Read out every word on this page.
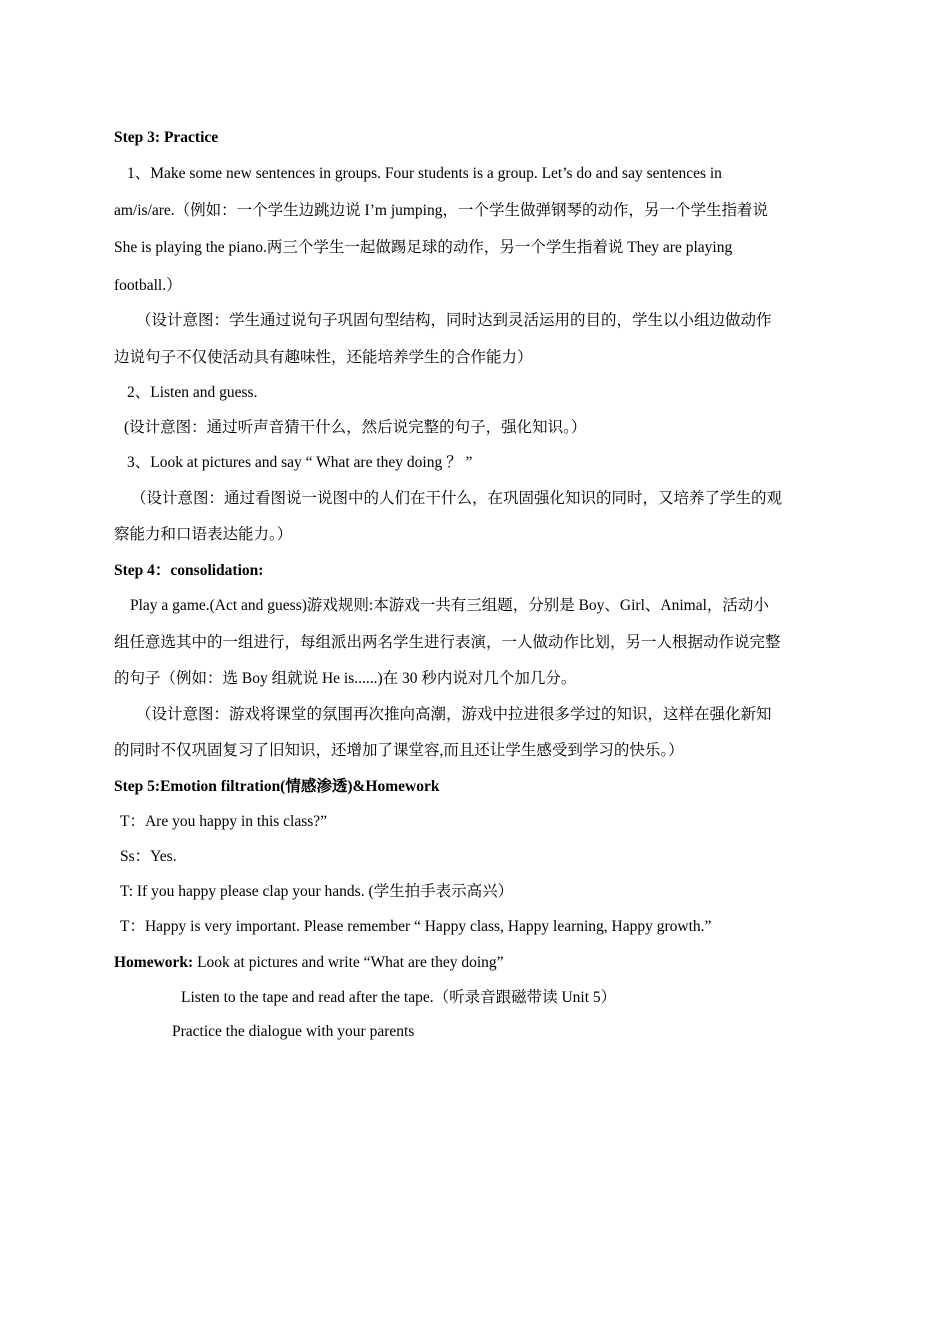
Step 3: Practice
1、Make some new sentences in groups. Four students is a group. Let’s do and say sentences in
am/is/are.（例如：一个学生边跳边说 I’m jumping，一个学生做弹钢琴的动作，另一个学生指着说
She is playing the piano.两三个学生一起做踢足球的动作，另一个学生指着说 They are playing
football.）
（设计意图：学生通过说句子巩固句型结构，同时达到灵活运用的目的，学生以小组边做动作
边说句子不仅使活动具有趣味性，还能培养学生的合作能力）
2、Listen and guess.
(设计意图：通过听声音猜干什么，然后说完整的句子，强化知识。）
3、Look at pictures and say “ What are they doing ？ ”
（设计意图：通过看图说一说图中的人们在干什么，在巩固强化知识的同时，又培养了学生的观
察能力和口语表达能力。）
Step 4：consolidation:
Play a game.(Act and guess)游戏规则:本游戏一共有三组题，分别是 Boy、Girl、Animal，活动小
组任意选其中的一组进行，每组派出两名学生进行表演，一人做动作比划，另一人根据动作说完整
的句子（例如：选 Boy 组就说 He is......)在 30 秒内说对几个加几分。
（设计意图：游戏将课堂的氛围再次推向高潮，游戏中拉进很多学过的知识，这样在强化新知
的同时不仅巩固复习了旧知识，还增加了课堂容,而且还让学生感受到学习的快乐。）
Step 5:Emotion filtration(情感渗透)&Homework
T：Are you happy in this class?”
Ss：Yes.
T: If you happy please clap your hands. (学生拍手表示高兴）
T：Happy is very important. Please remember “ Happy class, Happy learning, Happy growth.”
Homework: Look at pictures and write “What are they doing”
Listen to the tape and read after the tape.（听录音跟磁带读 Unit 5）
Practice the dialogue with your parents
